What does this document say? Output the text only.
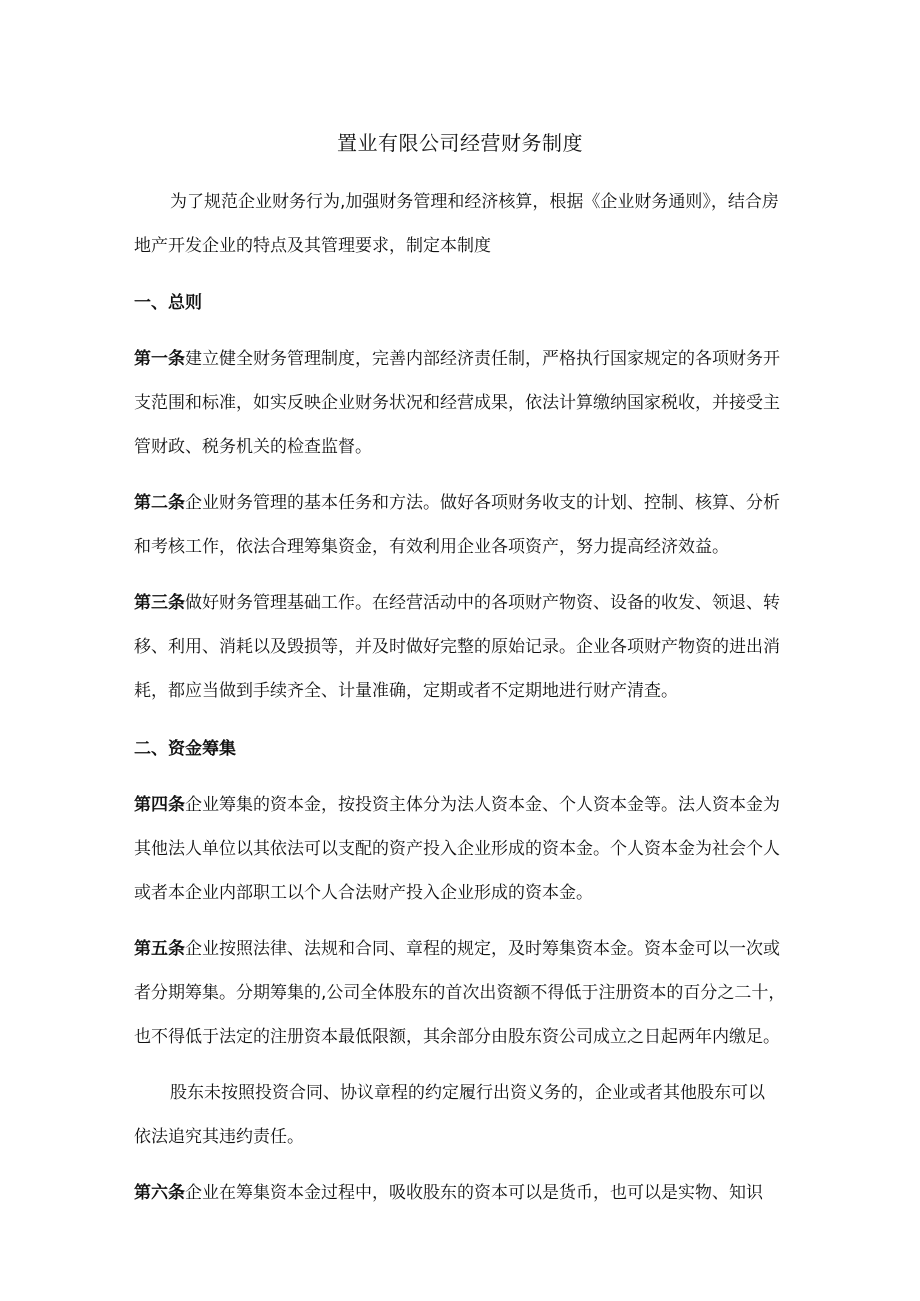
置业有限公司经营财务制度
为了规范企业财务行为,加强财务管理和经济核算，根据《企业财务通则》，结合房
地产开发企业的特点及其管理要求，制定本制度
一、总则
第一条建立健全财务管理制度，完善内部经济责任制，严格执行国家规定的各项财务开
支范围和标准，如实反映企业财务状况和经营成果，依法计算缴纳国家税收，并接受主
管财政、税务机关的检查监督。
第二条企业财务管理的基本任务和方法。做好各项财务收支的计划、控制、核算、分析
和考核工作，依法合理筹集资金，有效利用企业各项资产，努力提高经济效益。
第三条做好财务管理基础工作。在经营活动中的各项财产物资、设备的收发、领退、转
移、利用、消耗以及毁损等，并及时做好完整的原始记录。企业各项财产物资的进出消
耗，都应当做到手续齐全、计量准确，定期或者不定期地进行财产清查。
二、资金筹集
第四条企业筹集的资本金，按投资主体分为法人资本金、个人资本金等。法人资本金为
其他法人单位以其依法可以支配的资产投入企业形成的资本金。个人资本金为社会个人
或者本企业内部职工以个人合法财产投入企业形成的资本金。
第五条企业按照法律、法规和合同、章程的规定，及时筹集资本金。资本金可以一次或
者分期筹集。分期筹集的,公司全体股东的首次出资额不得低于注册资本的百分之二十，
也不得低于法定的注册资本最低限额，其余部分由股东资公司成立之日起两年内缴足。
股东未按照投资合同、协议章程的约定履行出资义务的，企业或者其他股东可以
依法追究其违约责任。
第六条企业在筹集资本金过程中，吸收股东的资本可以是货币，也可以是实物、知识
